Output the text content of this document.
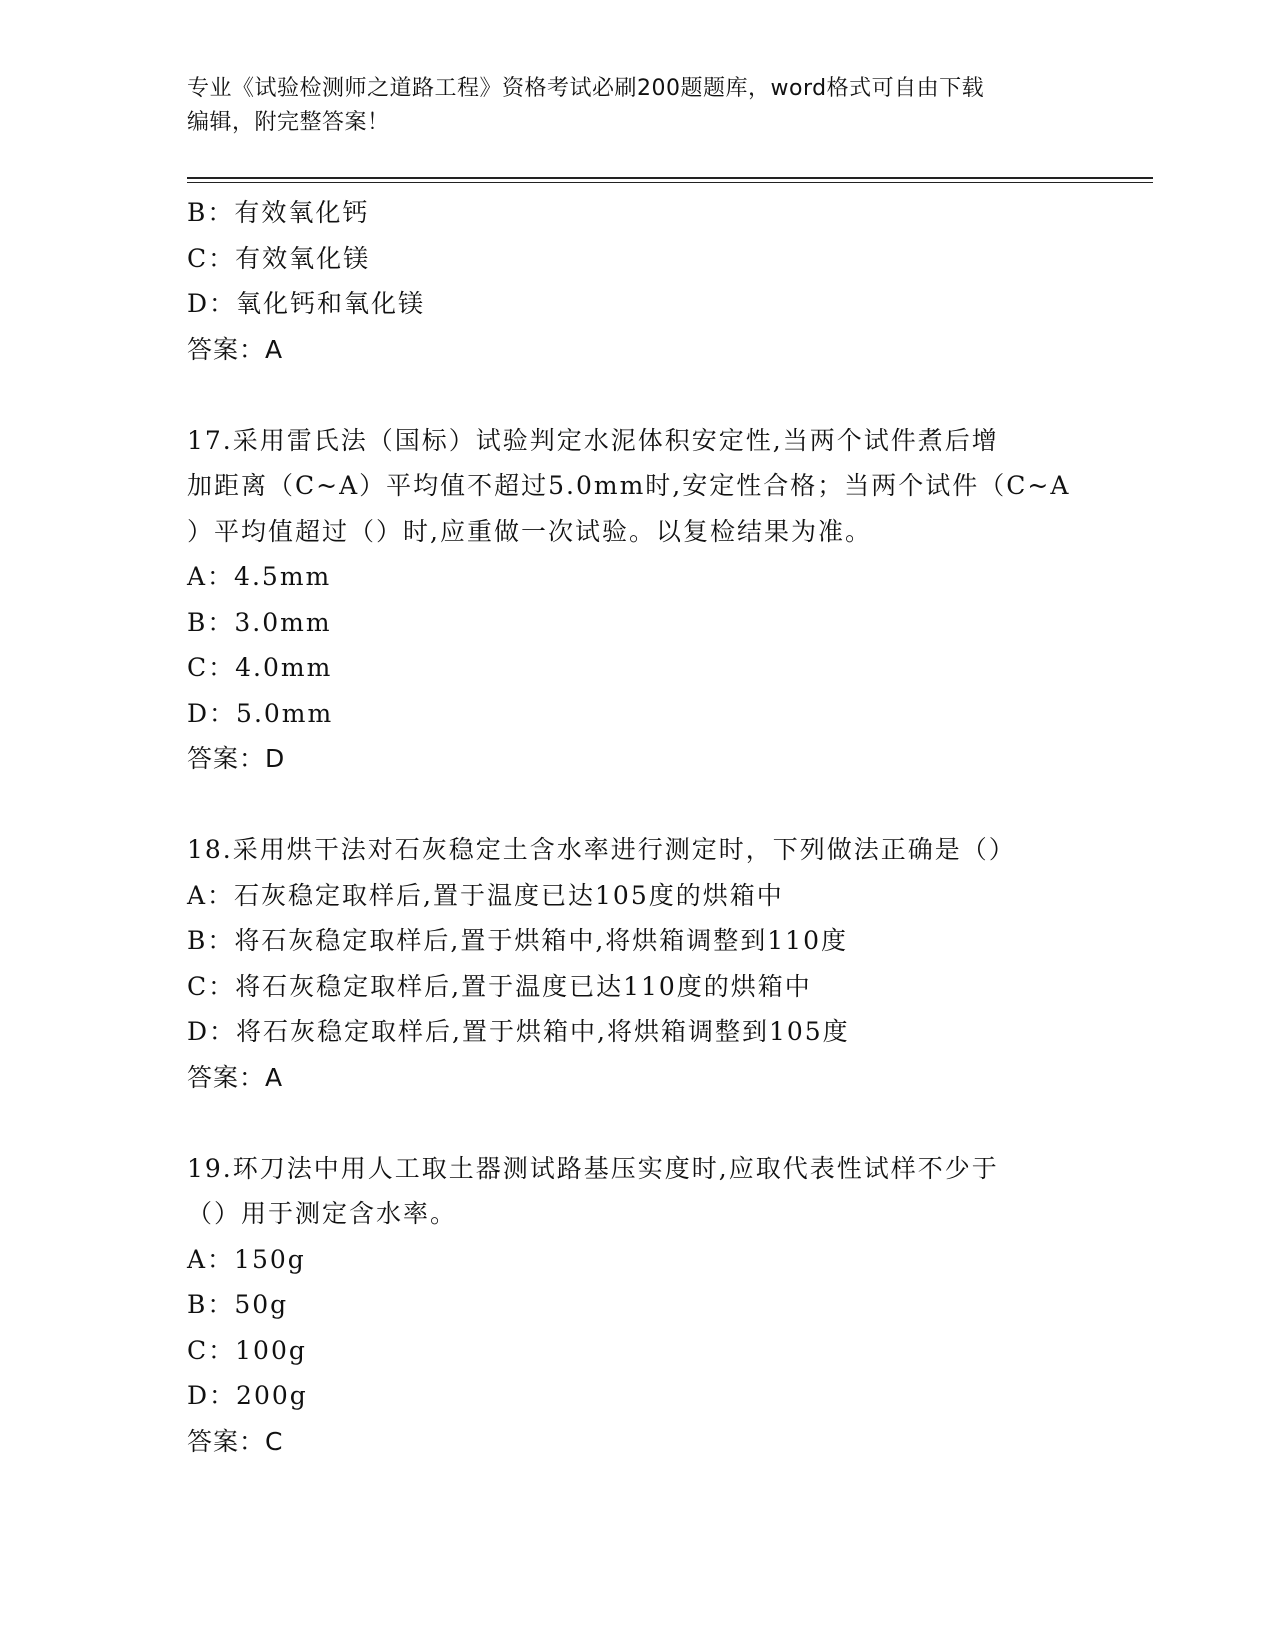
专业《试验检测师之道路工程》资格考试必刷200题题库，word格式可自由下载
编辑，附完整答案！
B：有效氧化钙
C：有效氧化镁
D：氧化钙和氧化镁
答案：A
17.采用雷氏法（国标）试验判定水泥体积安定性,当两个试件煮后增
加距离（C~A）平均值不超过5.0mm时,安定性合格；当两个试件（C~A
）平均值超过（）时,应重做一次试验。以复检结果为准。
A：4.5mm
B：3.0mm
C：4.0mm
D：5.0mm
答案：D
18.采用烘干法对石灰稳定土含水率进行测定时，下列做法正确是（）
A：石灰稳定取样后,置于温度已达105度的烘箱中
B：将石灰稳定取样后,置于烘箱中,将烘箱调整到110度
C：将石灰稳定取样后,置于温度已达110度的烘箱中
D：将石灰稳定取样后,置于烘箱中,将烘箱调整到105度
答案：A
19.环刀法中用人工取土器测试路基压实度时,应取代表性试样不少于
（）用于测定含水率。
A：150g
B：50g
C：100g
D：200g
答案：C
